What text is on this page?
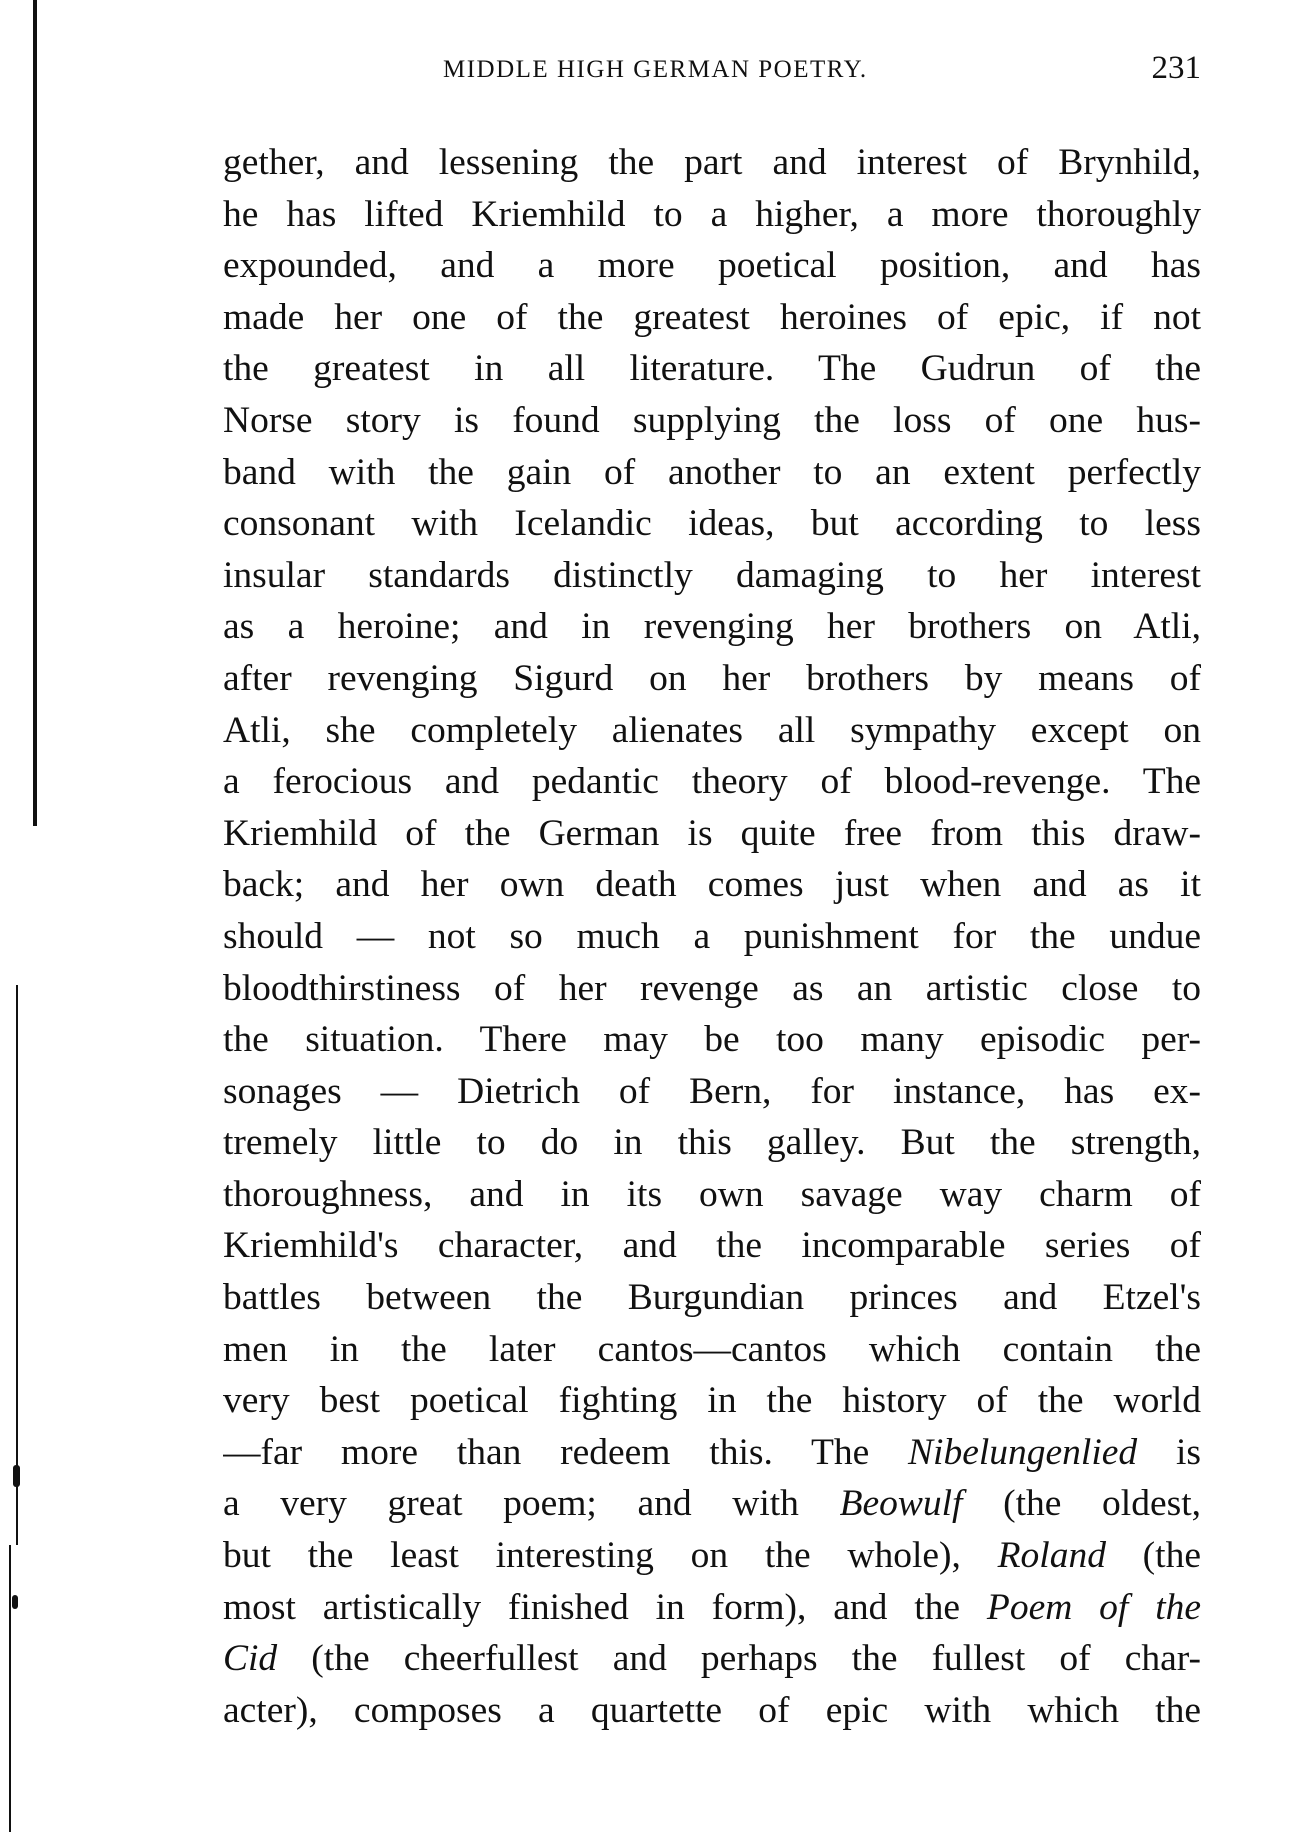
MIDDLE HIGH GERMAN POETRY.	231
gether, and lessening the part and interest of Brynhild,
he has lifted Kriemhild to a higher, a more thoroughly
expounded, and a more poetical position, and has
made her one of the greatest heroines of epic, if not
the greatest in all literature. The Gudrun of the
Norse story is found supplying the loss of one hus-
band with the gain of another to an extent perfectly
consonant with Icelandic ideas, but according to less
insular standards distinctly damaging to her interest
as a heroine; and in revenging her brothers on Atli,
after revenging Sigurd on her brothers by means of
Atli, she completely alienates all sympathy except on
a ferocious and pedantic theory of blood-revenge. The
Kriemhild of the German is quite free from this draw-
back; and her own death comes just when and as it
should — not so much a punishment for the undue
bloodthirstiness of her revenge as an artistic close to
the situation. There may be too many episodic per-
sonages — Dietrich of Bern, for instance, has ex-
tremely little to do in this galley. But the strength,
thoroughness, and in its own savage way charm of
Kriemhild's character, and the incomparable series of
battles between the Burgundian princes and Etzel's
men in the later cantos—cantos which contain the
very best poetical fighting in the history of the world
—far more than redeem this. The Nibelungenlied is
a very great poem; and with Beowulf (the oldest,
but the least interesting on the whole), Roland (the
most artistically finished in form), and the Poem of the
Cid (the cheerfullest and perhaps the fullest of char-
acter), composes a quartette of epic with which the
